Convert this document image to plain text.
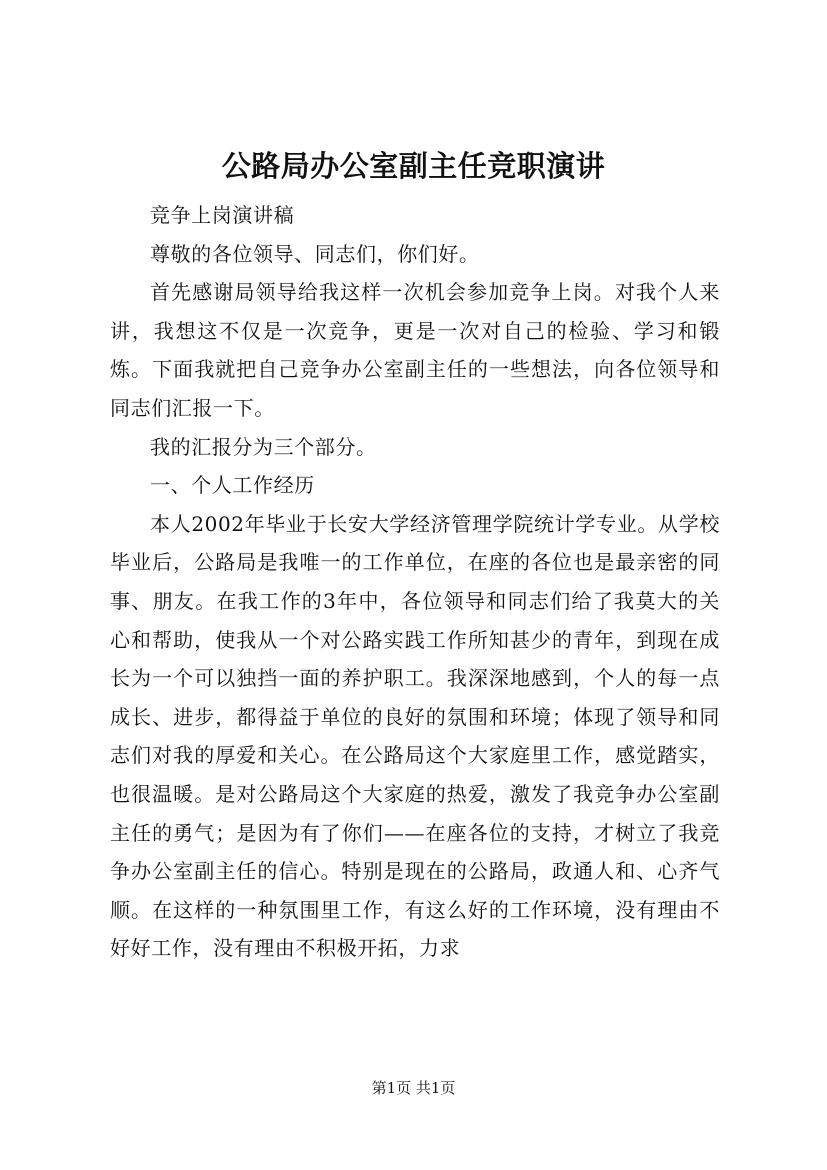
公路局办公室副主任竞职演讲

竞争上岗演讲稿

尊敬的各位领导、同志们，你们好。

首先感谢局领导给我这样一次机会参加竞争上岗。对我个人来讲，我想这不仅是一次竞争，更是一次对自己的检验、学习和锻炼。下面我就把自己竞争办公室副主任的一些想法，向各位领导和同志们汇报一下。

我的汇报分为三个部分。

一、个人工作经历

本人2002年毕业于长安大学经济管理学院统计学专业。从学校毕业后，公路局是我唯一的工作单位，在座的各位也是最亲密的同事、朋友。在我工作的3年中，各位领导和同志们给了我莫大的关心和帮助，使我从一个对公路实践工作所知甚少的青年，到现在成长为一个可以独挡一面的养护职工。我深深地感到，个人的每一点成长、进步，都得益于单位的良好的氛围和环境；体现了领导和同志们对我的厚爱和关心。在公路局这个大家庭里工作，感觉踏实，也很温暖。是对公路局这个大家庭的热爱，激发了我竞争办公室副主任的勇气；是因为有了你们——在座各位的支持，才树立了我竞争办公室副主任的信心。特别是现在的公路局，政通人和、心齐气顺。在这样的一种氛围里工作，有这么好的工作环境，没有理由不好好工作，没有理由不积极开拓，力求

第1页 共1页
